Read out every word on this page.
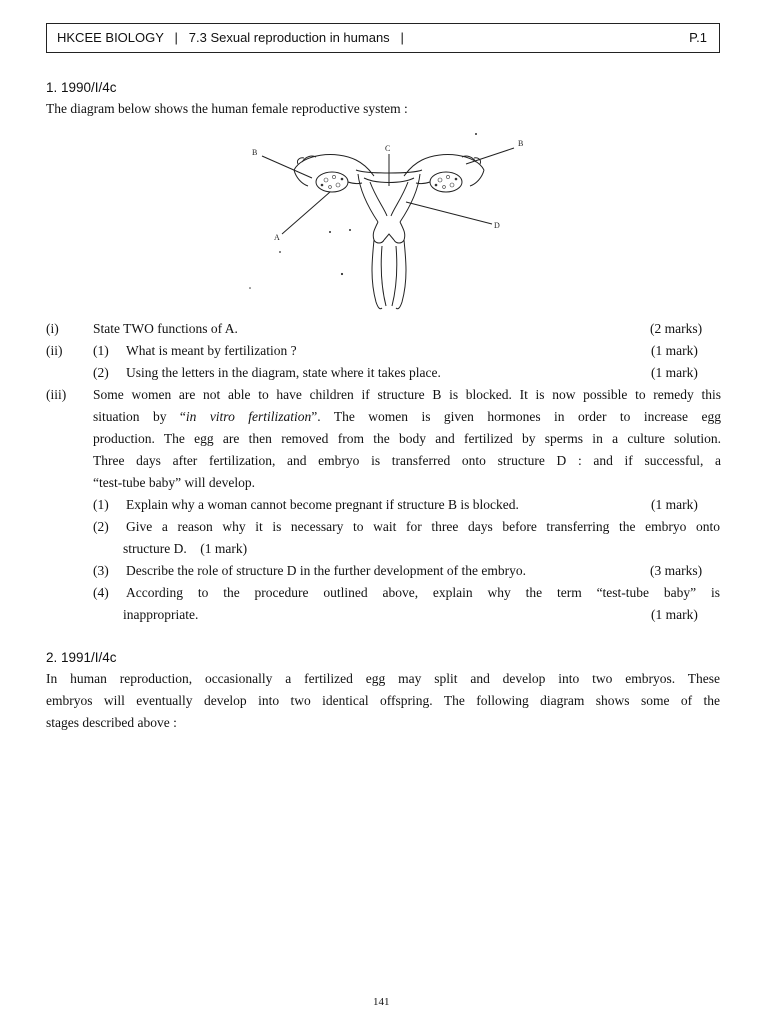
HKCEE BIOLOGY | 7.3 Sexual reproduction in humans |	P.1
1. 1990/I/4c
The diagram below shows the human female reproductive system :
B
B
C
D
A
(i)	State TWO functions of A.	(2 marks)
(ii) (1) What is meant by fertilization ?	(1 mark)
(2) Using the letters in the diagram, state where it takes place.	(1 mark)
(iii) Some women are not able to have children if structure B is blocked. It is now possible to remedy this
situation by “in vitro fertilization”. The women is given hormones in order to increase egg
production. The egg are then removed from the body and fertilized by sperms in a culture solution.
Three days after fertilization, and embryo is transferred onto structure D : and if successful, a
“test-tube baby” will develop.
(1) Explain why a woman cannot become pregnant if structure B is blocked.	(1 mark)
(2) Give a reason why it is necessary to wait for three days before transferring the embryo onto
structure D. (1 mark)
(3) Describe the role of structure D in the further development of the embryo.	(3 marks)
(4) According to the procedure outlined above, explain why the term “test-tube baby” is
inappropriate.	(1 mark)
2. 1991/I/4c
In human reproduction, occasionally a fertilized egg may split and develop into two embryos. These
embryos will eventually develop into two identical offspring. The following diagram shows some of the
stages described above :
141
